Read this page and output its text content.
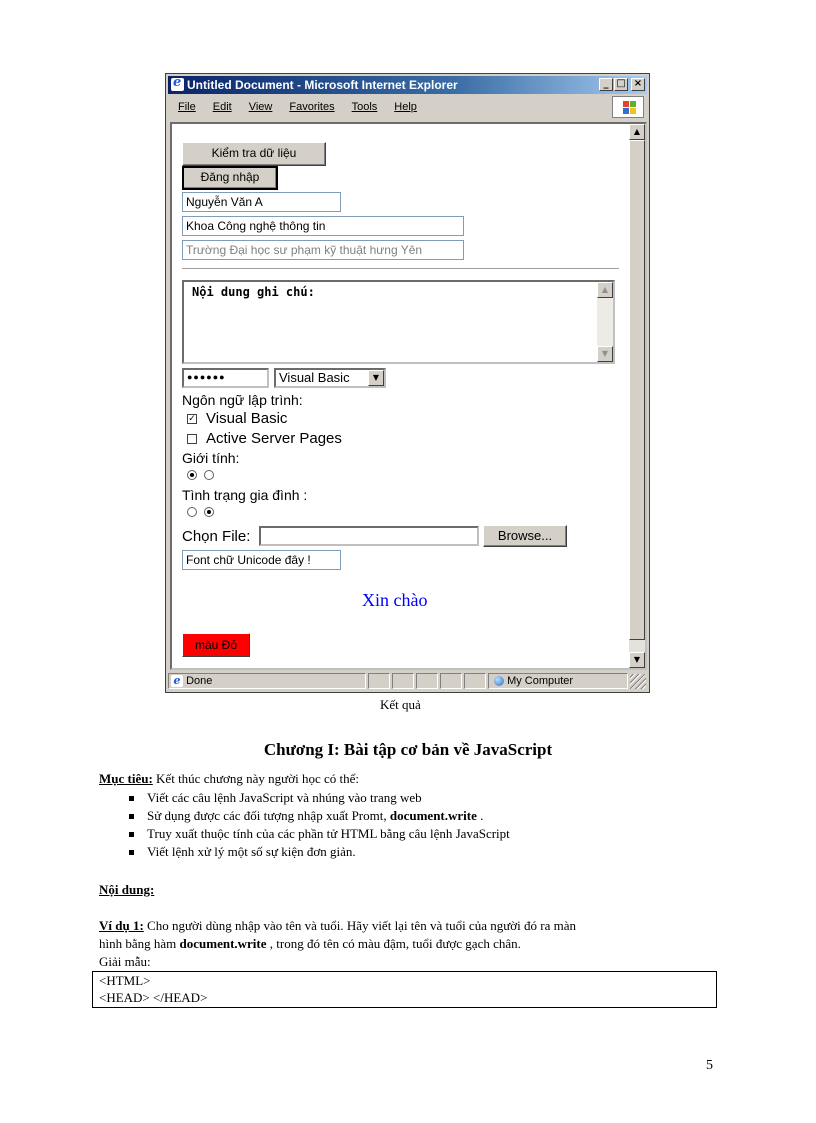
eUntitled Document - Microsoft Internet Explorer	_ □ ×
File Edit View Favorites Tools Help
▲
▼
Kiểm tra dữ liệu
Đăng nhập
Nguyễn Văn A
Khoa Công nghệ thông tin
Trường Đại học sư phạm kỹ thuật hưng Yên
Nội dung ghi chú:	▲
▼
●●●●●●	Visual Basic	▼
Ngôn ngữ lập trình:
✓ Visual Basic
Active Server Pages
Giới tính:
Tình trạng gia đình :
Chọn File:	Browse...
Font chữ Unicode đây !
Xin chào
màu Đỏ
e Done	My Computer
Kết quả
Chương I: Bài tập cơ bản về JavaScript
Mục tiêu: Kết thúc chương này người học có thể:
Viết các câu lệnh JavaScript và nhúng vào trang web
Sử dụng được các đối tượng nhập xuất Promt, document.write .
Truy xuất thuộc tính của các phần tử HTML bằng câu lệnh JavaScript
Viết lệnh xử lý một số sự kiện đơn giản.
Nội dung:
Ví dụ 1: Cho người dùng nhập vào tên và tuổi. Hãy viết lại tên và tuổi của người đó ra màn
hình bằng hàm document.write , trong đó tên có màu đậm, tuổi được gạch chân.
Giải mẫu:
<HTML>
<HEAD> </HEAD>
5
